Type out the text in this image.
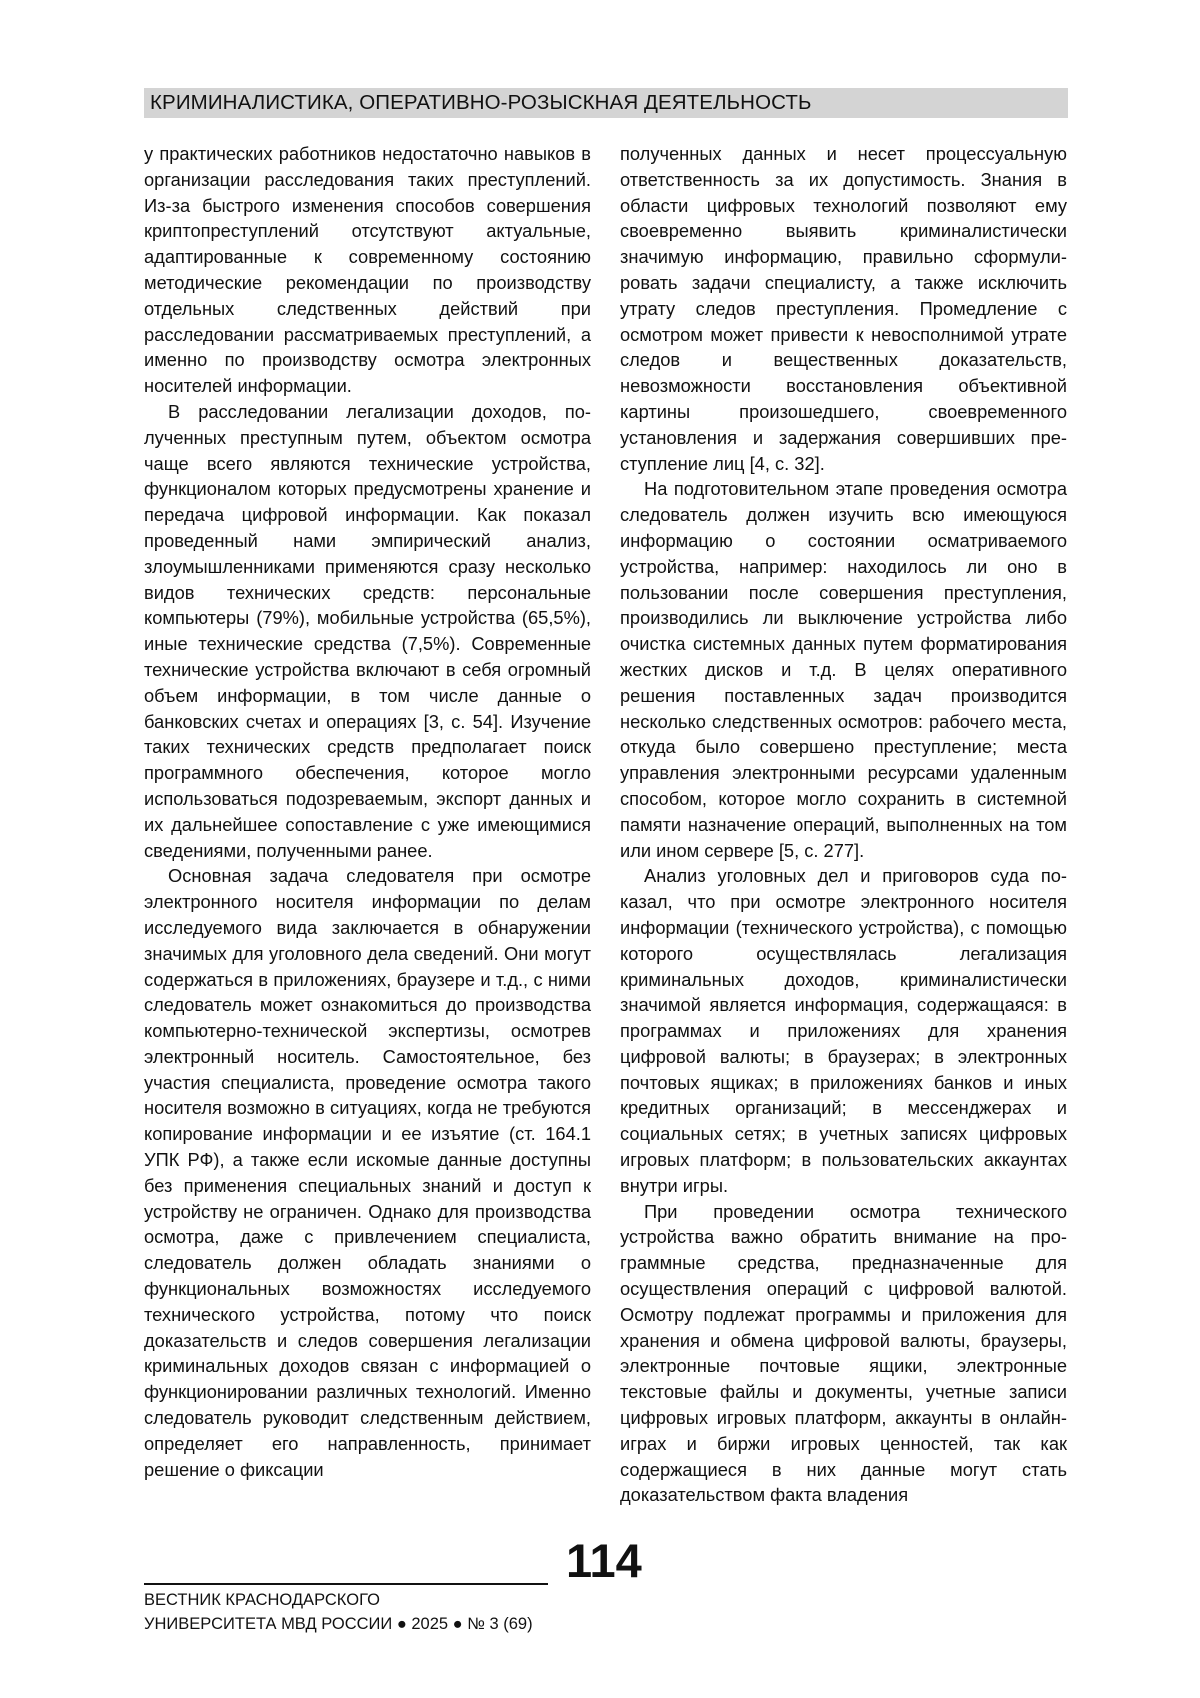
КРИМИНАЛИСТИКА, ОПЕРАТИВНО-РОЗЫСКНАЯ ДЕЯТЕЛЬНОСТЬ

у практических работников недостаточно навыков в организации расследования таких преступлений. Из-за быстрого изменения способов совершения криптопреступлений отсутствуют актуальные, адаптированные к современному состоянию методические рекомендации по производству отдельных следственных действий при расследовании рассматриваемых преступлений, а именно по производству осмотра электронных носителей информации.

В расследовании легализации доходов, полученных преступным путем, объектом осмотра чаще всего являются технические устройства, функционалом которых предусмотрены хранение и передача цифровой информации. Как показал проведенный нами эмпирический анализ, злоумышленниками применяются сразу несколько видов технических средств: персональные компьютеры (79%), мобильные устройства (65,5%), иные технические средства (7,5%). Современные технические устройства включают в себя огромный объем информации, в том числе данные о банковских счетах и операциях [3, с. 54]. Изучение таких технических средств предполагает поиск программного обеспечения, которое могло использоваться подозреваемым, экспорт данных и их дальнейшее сопоставление с уже имеющимися сведениями, полученными ранее.

Основная задача следователя при осмотре электронного носителя информации по делам исследуемого вида заключается в обнаружении значимых для уголовного дела сведений. Они могут содержаться в приложениях, браузере и т.д., с ними следователь может ознакомиться до производства компьютерно-технической экспертизы, осмотрев электронный носитель. Самостоятельное, без участия специалиста, проведение осмотра такого носителя возможно в ситуациях, когда не требуются копирование информации и ее изъятие (ст. 164.1 УПК РФ), а также если искомые данные доступны без применения специальных знаний и доступ к устройству не ограничен. Однако для производства осмотра, даже с привлечением специалиста, следователь должен обладать знаниями о функциональных возможностях исследуемого технического устройства, потому что поиск доказательств и следов совершения легализации криминальных доходов связан с информацией о функционировании различных технологий. Именно следователь руководит следственным действием, определяет его направленность, принимает решение о фиксации

полученных данных и несет процессуальную ответственность за их допустимость. Знания в области цифровых технологий позволяют ему своевременно выявить криминалистически значимую информацию, правильно сформулировать задачи специалисту, а также исключить утрату следов преступления. Промедление с осмотром может привести к невосполнимой утрате следов и вещественных доказательств, невозможности восстановления объективной картины произошедшего, своевременного установления и задержания совершивших преступление лиц [4, с. 32].

На подготовительном этапе проведения осмотра следователь должен изучить всю имеющуюся информацию о состоянии осматриваемого устройства, например: находилось ли оно в пользовании после совершения преступления, производились ли выключение устройства либо очистка системных данных путем форматирования жестких дисков и т.д. В целях оперативного решения поставленных задач производится несколько следственных осмотров: рабочего места, откуда было совершено преступление; места управления электронными ресурсами удаленным способом, которое могло сохранить в системной памяти назначение операций, выполненных на том или ином сервере [5, с. 277].

Анализ уголовных дел и приговоров суда показал, что при осмотре электронного носителя информации (технического устройства), с помощью которого осуществлялась легализация криминальных доходов, криминалистически значимой является информация, содержащаяся: в программах и приложениях для хранения цифровой валюты; в браузерах; в электронных почтовых ящиках; в приложениях банков и иных кредитных организаций; в мессенджерах и социальных сетях; в учетных записях цифровых игровых платформ; в пользовательских аккаунтах внутри игры.

При проведении осмотра технического устройства важно обратить внимание на программные средства, предназначенные для осуществления операций с цифровой валютой. Осмотру подлежат программы и приложения для хранения и обмена цифровой валюты, браузеры, электронные почтовые ящики, электронные текстовые файлы и документы, учетные записи цифровых игровых платформ, аккаунты в онлайн-играх и биржи игровых ценностей, так как содержащиеся в них данные могут стать доказательством факта владения

114
ВЕСТНИК КРАСНОДАРСКОГО
УНИВЕРСИТЕТА МВД РОССИИ ● 2025 ● № 3 (69)
